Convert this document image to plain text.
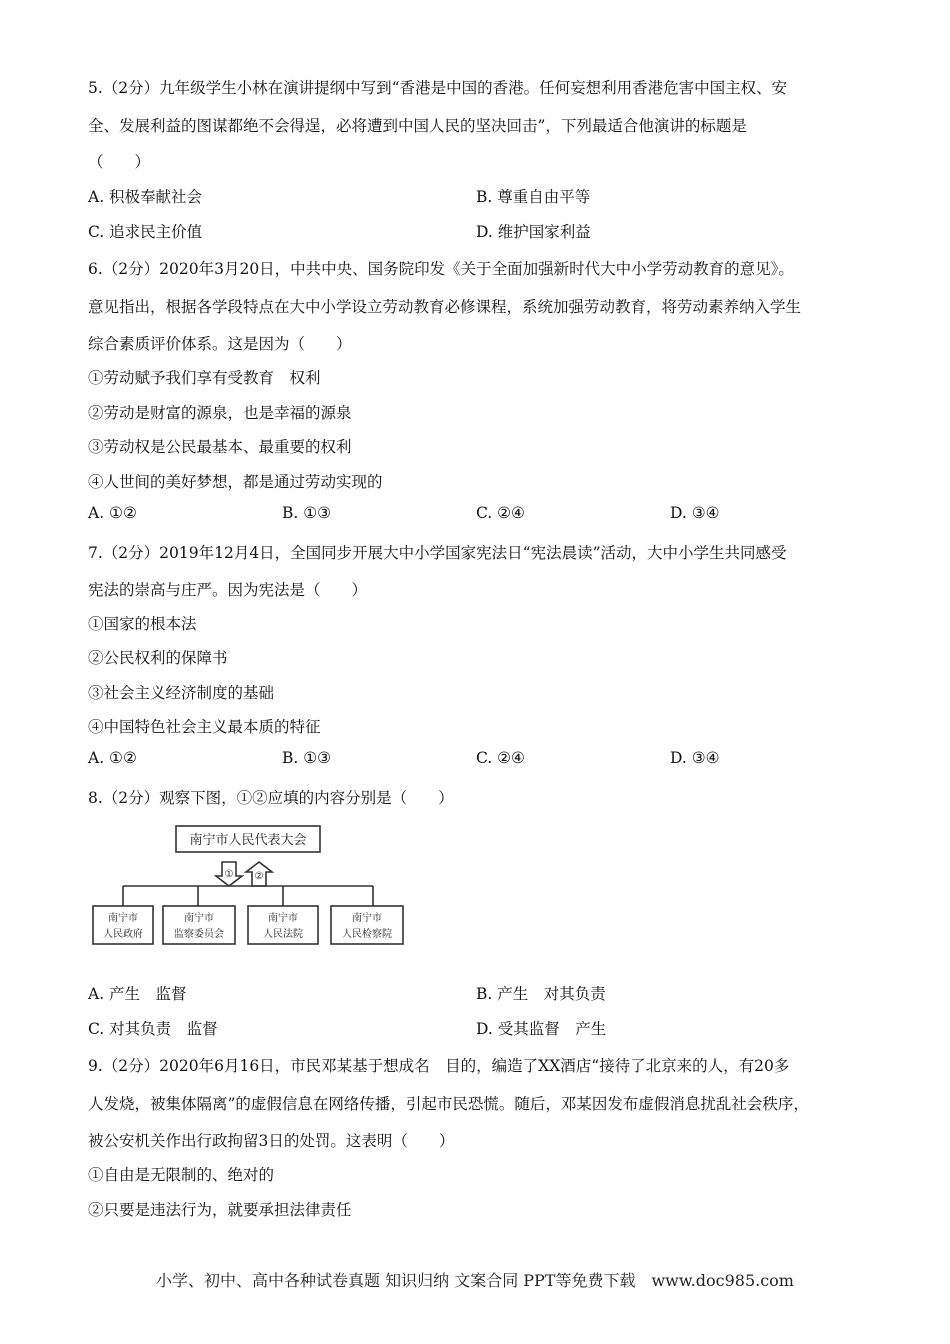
5.（2分）九年级学生小林在演讲提纲中写到“香港是中国的香港。任何妄想利用香港危害中国主权、安
全、发展利益的图谋都绝不会得逞，必将遭到中国人民的坚决回击”，下列最适合他演讲的标题是
（　　）
A. 积极奉献社会	B. 尊重自由平等
C. 追求民主价值	D. 维护国家利益
6.（2分）2020年3月20日，中共中央、国务院印发《关于全面加强新时代大中小学劳动教育的意见》。
意见指出，根据各学段特点在大中小学设立劳动教育必修课程，系统加强劳动教育，将劳动素养纳入学生
综合素质评价体系。这是因为（　　）
①劳动赋予我们享有受教育　权利
②劳动是财富的源泉，也是幸福的源泉
③劳动权是公民最基本、最重要的权利
④人世间的美好梦想，都是通过劳动实现的
A. ①②	B. ①③	C. ②④	D. ③④
7.（2分）2019年12月4日，全国同步开展大中小学国家宪法日“宪法晨读”活动，大中小学生共同感受
宪法的崇高与庄严。因为宪法是（　　）
①国家的根本法
②公民权利的保障书
③社会主义经济制度的基础
④中国特色社会主义最本质的特征
A. ①②	B. ①③	C. ②④	D. ③④
8.（2分）观察下图，①②应填的内容分别是（　　）
南宁市人民代表大会
① ②
南宁市
人民政府
南宁市
监察委员会
南宁市
人民法院
南宁市
人民检察院
A. 产生　监督	B. 产生　对其负责
C. 对其负责　监督	D. 受其监督　产生
9.（2分）2020年6月16日，市民邓某基于想成名　目的，编造了XX酒店“接待了北京来的人，有20多
人发烧，被集体隔离”的虚假信息在网络传播，引起市民恐慌。随后，邓某因发布虚假消息扰乱社会秩序，
被公安机关作出行政拘留3日的处罚。这表明（　　）
①自由是无限制的、绝对的
②只要是违法行为，就要承担法律责任
小学、初中、高中各种试卷真题 知识归纳 文案合同 PPT等免费下载　www.doc985.com
